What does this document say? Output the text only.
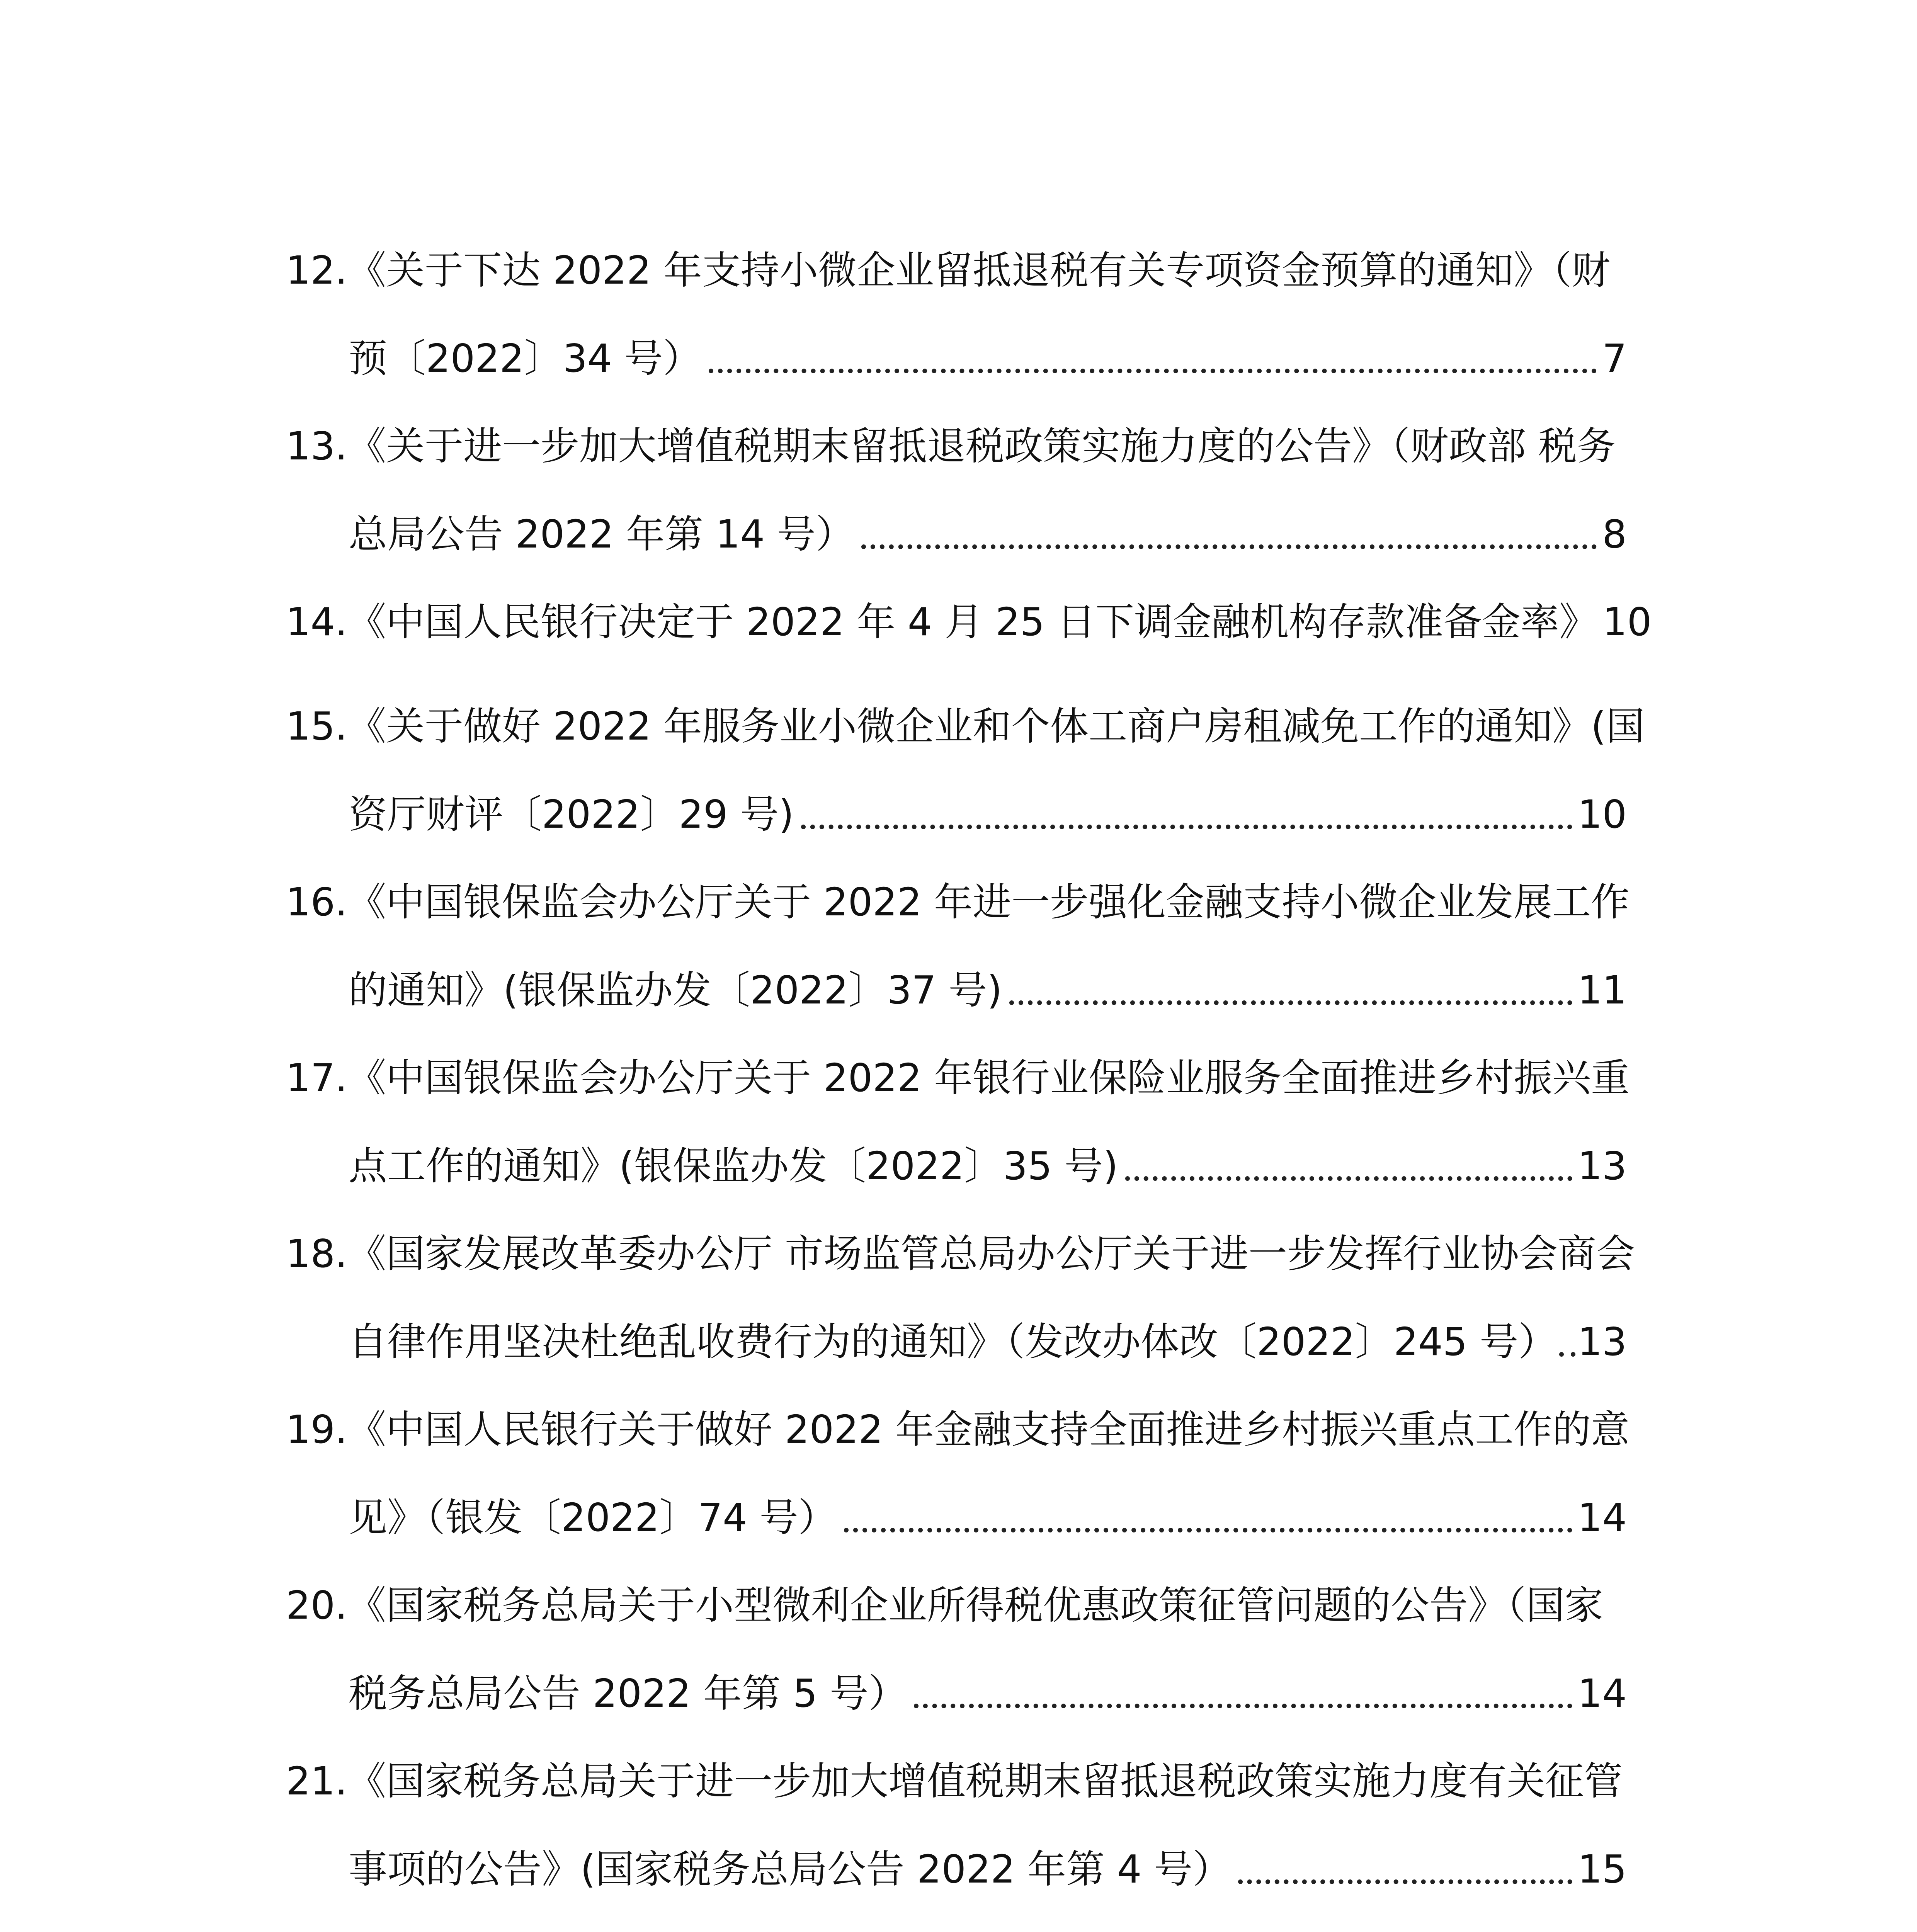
12.《关于下达 2022 年支持小微企业留抵退税有关专项资金预算的通知》（财
预〔2022〕34 号）	7
13.《关于进一步加大增值税期末留抵退税政策实施力度的公告》（财政部 税务
总局公告 2022 年第 14 号）	8
14.《中国人民银行决定于 2022 年 4 月 25 日下调金融机构存款准备金率》 10
15.《关于做好 2022 年服务业小微企业和个体工商户房租减免工作的通知》(国
资厅财评〔2022〕29 号)	10
16.《中国银保监会办公厅关于 2022 年进一步强化金融支持小微企业发展工作
的通知》(银保监办发〔2022〕37 号)	11
17.《中国银保监会办公厅关于 2022 年银行业保险业服务全面推进乡村振兴重
点工作的通知》(银保监办发〔2022〕35 号)	13
18.《国家发展改革委办公厅 市场监管总局办公厅关于进一步发挥行业协会商会
自律作用坚决杜绝乱收费行为的通知》（发改办体改〔2022〕245 号） 13
19.《中国人民银行关于做好 2022 年金融支持全面推进乡村振兴重点工作的意
见》（银发〔2022〕74 号）	14
20.《国家税务总局关于小型微利企业所得税优惠政策征管问题的公告》（国家
税务总局公告 2022 年第 5 号）	14
21.《国家税务总局关于进一步加大增值税期末留抵退税政策实施力度有关征管
事项的公告》(国家税务总局公告 2022 年第 4 号）	15
